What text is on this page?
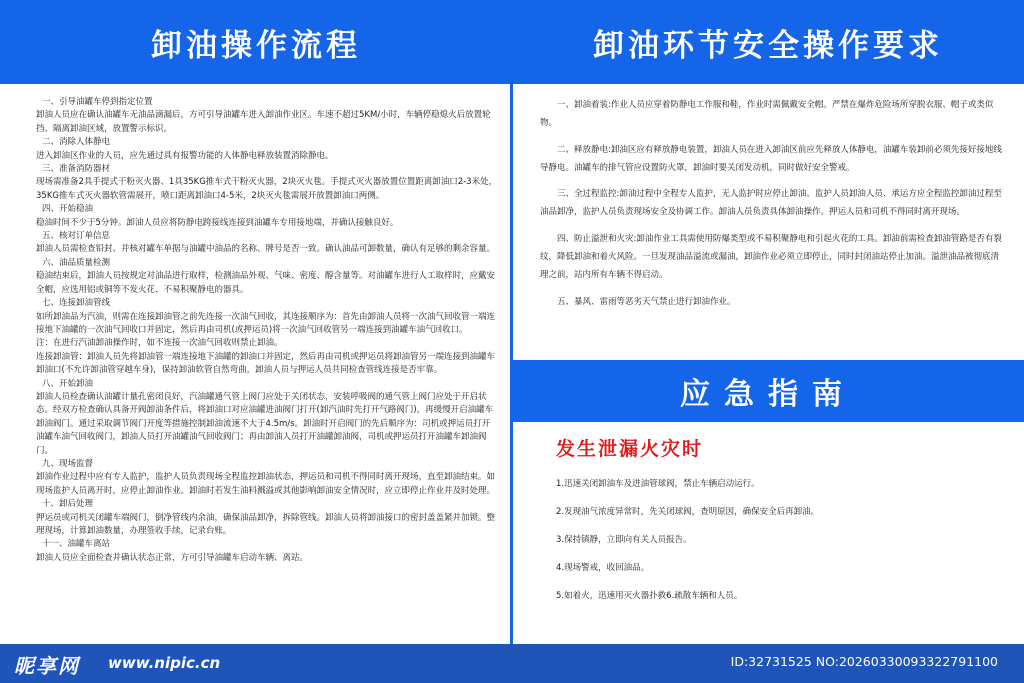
卸油操作流程	卸油环节安全操作要求

一、引导油罐车停到指定位置

卸油人员应在确认油罐车无油品滴漏后，方可引导油罐车进入卸油作业区。车速不超过5KM/小时，车辆停稳熄火后放置轮挡、隔离卸油区域，放置警示标识。

二、消除人体静电

进入卸油区作业的人员，应先通过具有报警功能的人体静电释放装置消除静电。

三、准备消防器材

现场需准备2具手提式干粉灭火器、1具35KG推车式干粉灭火器，2块灭火毯。手提式灭火器放置位置距离卸油口2-3米处，35KG推车式灭火器软管需展开，喷口距离卸油口4-5米，2块灭火毯需展开放置卸油口两侧。

四、开始稳油

稳油时间不少于5分钟。卸油人员应将防静电跨接线连接到油罐车专用接地端，并确认接触良好。

五、核对订单信息

卸油人员需检查铅封、并核对罐车单据与油罐中油品的名称、牌号是否一致。确认油品可卸数量，确认有足够的剩余容量。

六、油品质量检测

稳油结束后，卸油人员按规定对油品进行取样，检测油品外观、气味、密度、醇含量等。对油罐车进行人工取样时，应戴安全帽，应选用铝或铜等不发火花、不易积聚静电的器具。

七、连接卸油管线

如所卸油品为汽油，则需在连接卸油管之前先连接一次油气回收，其连接顺序为：首先由卸油人员将一次油气回收管一端连接地下油罐的一次油气回收口并固定，然后再由司机(或押运员)将一次油气回收管另一端连接到油罐车油气回收口。

注：在进行汽油卸油操作时，如不连接一次油气回收则禁止卸油。

连接卸油管：卸油人员先将卸油管一端连接地下油罐的卸油口并固定，然后再由司机或押运员将卸油管另一端连接到油罐车卸油口(不允许卸油管穿越车身)，保持卸油软管自然弯曲，卸油人员与押运人员共同检查管线连接是否牢靠。

八、开始卸油

卸油人员检查确认油罐计量孔密闭良好，汽油罐通气管上阀门应处于关闭状态，安装呼吸阀的通气管上阀门应处于开启状态。经双方检查确认具备开阀卸油条件后，将卸油口对应油罐进油阀门打开(卸汽油时先打开气路阀门)，再缓慢开启油罐车卸油阀门。通过采取调节阀门开度等措施控制卸油流速不大于4.5m/s。卸油时开启阀门的先后顺序为：司机或押运员打开油罐车油气回收阀门，卸油人员打开油罐油气回收阀门；再由卸油人员打开油罐卸油阀，司机或押运员打开油罐车卸油阀门。

九、现场监督

卸油作业过程中应有专人监护，监护人员负责现场全程监控卸油状态，押运员和司机不得同时离开现场，直至卸油结束。如现场监护人员离开时，应停止卸油作业。卸油时若发生油料溅溢或其他影响卸油安全情况时，应立即停止作业并及时处理。

十、卸后处理

押运员或司机关闭罐车端阀门，倒净管线内余油，确保油品卸净，拆除管线。卸油人员将卸油接口的密封盖盖紧并加锁。整理现场，计算卸油数量，办理签收手续，记录台账。

十一、油罐车离站

卸油人员应全面检查并确认状态正常，方可引导油罐车启动车辆、离站。

一、卸油着装:作业人员应穿着防静电工作服和鞋，作业时需佩戴安全帽。严禁在爆炸危险场所穿脱衣服、帽子或类似物。

二、释放静电:卸油区应有释放静电装置，卸油人员在进入卸油区前应先释放人体静电，油罐车装卸前必须先接好接地线导静电。油罐车的排气管应设置防火罩，卸油时要关闭发动机，同时做好安全警戒。

三、全过程监控:卸油过程中全程专人监护，无人监护时应停止卸油。监护人员卸油人员、承运方应全程监控卸油过程至油品卸净，监护人员负责现场安全及协调工作。卸油人员负责具体卸油操作。押运人员和司机不得同时离开现场。

四、防止溢泄和火灾:卸油作业工具需使用防爆类型或不易积聚静电和引起火花的工具。卸油前需检查卸油管路是否有裂纹，降低卸油和着火风险。一旦发现油品溢流或漏油，卸油作业必须立即停止，同时封闭油站停止加油。溢泄油品被彻底清理之前，站内所有车辆不得启动。

五、暴风、雷雨等恶劣天气禁止进行卸油作业。

应急指南
发生泄漏火灾时
1.迅速关闭卸油车及进油管球阀，禁止车辆启动运行。
2.发现油气浓度异常时，先关闭球阀，查明原因，确保安全后再卸油。
3.保持镇静，立即向有关人员报告。
4.现场警戒，收回油品。
5.如着火，迅速用灭火器扑救6.疏散车辆和人员。
昵享网 www.nipic.cn	ID:32731525 NO:20260330093322791100
